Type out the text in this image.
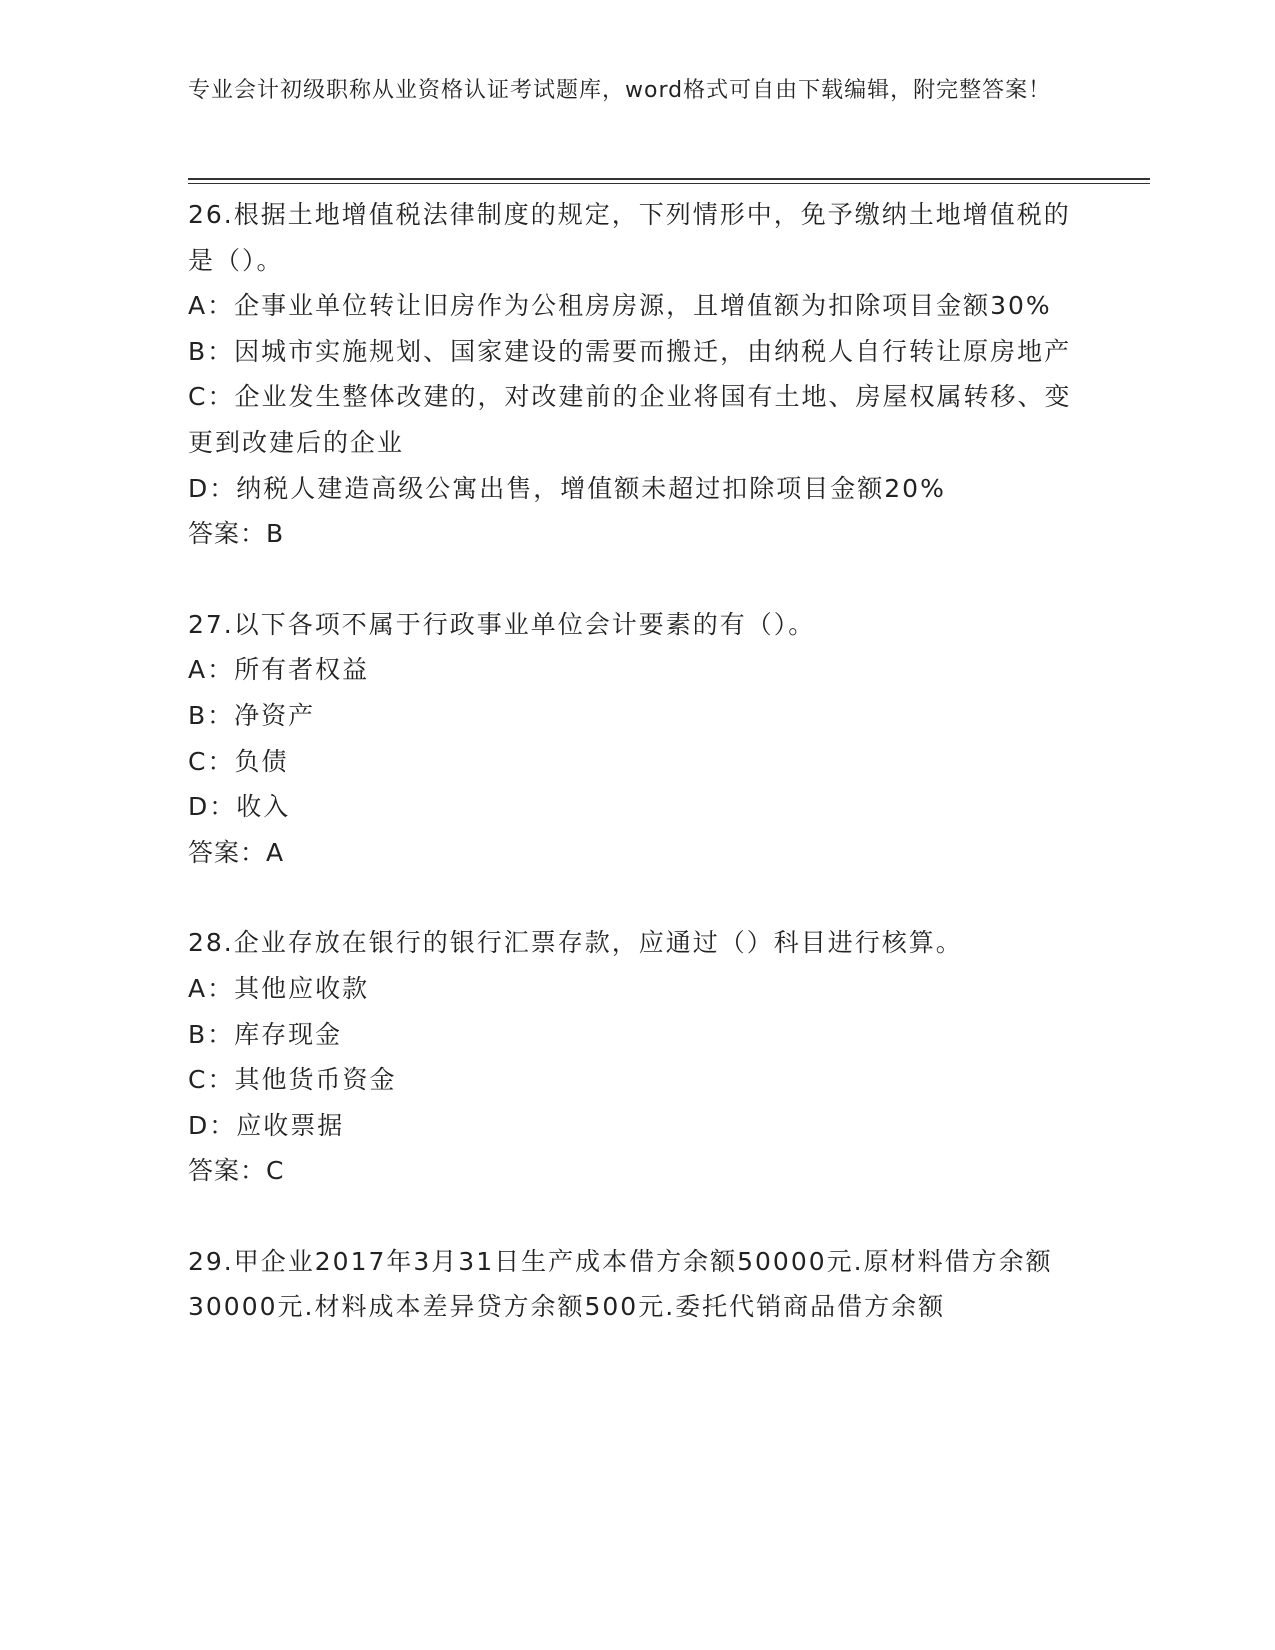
专业会计初级职称从业资格认证考试题库，word格式可自由下载编辑，附完整答案！

26.根据土地增值税法律制度的规定，下列情形中，免予缴纳土地增值税的是（）。

A：企事业单位转让旧房作为公租房房源，且增值额为扣除项目金额30%

B：因城市实施规划、国家建设的需要而搬迁，由纳税人自行转让原房地产

C：企业发生整体改建的，对改建前的企业将国有土地、房屋权属转移、变更到改建后的企业

D：纳税人建造高级公寓出售，增值额未超过扣除项目金额20%

答案：B

27.以下各项不属于行政事业单位会计要素的有（）。

A：所有者权益

B：净资产

C：负债

D：收入

答案：A

28.企业存放在银行的银行汇票存款，应通过（）科目进行核算。

A：其他应收款

B：库存现金

C：其他货币资金

D：应收票据

答案：C

29.甲企业2017年3月31日生产成本借方余额50000元.原材料借方余额30000元.材料成本差异贷方余额500元.委托代销商品借方余额
